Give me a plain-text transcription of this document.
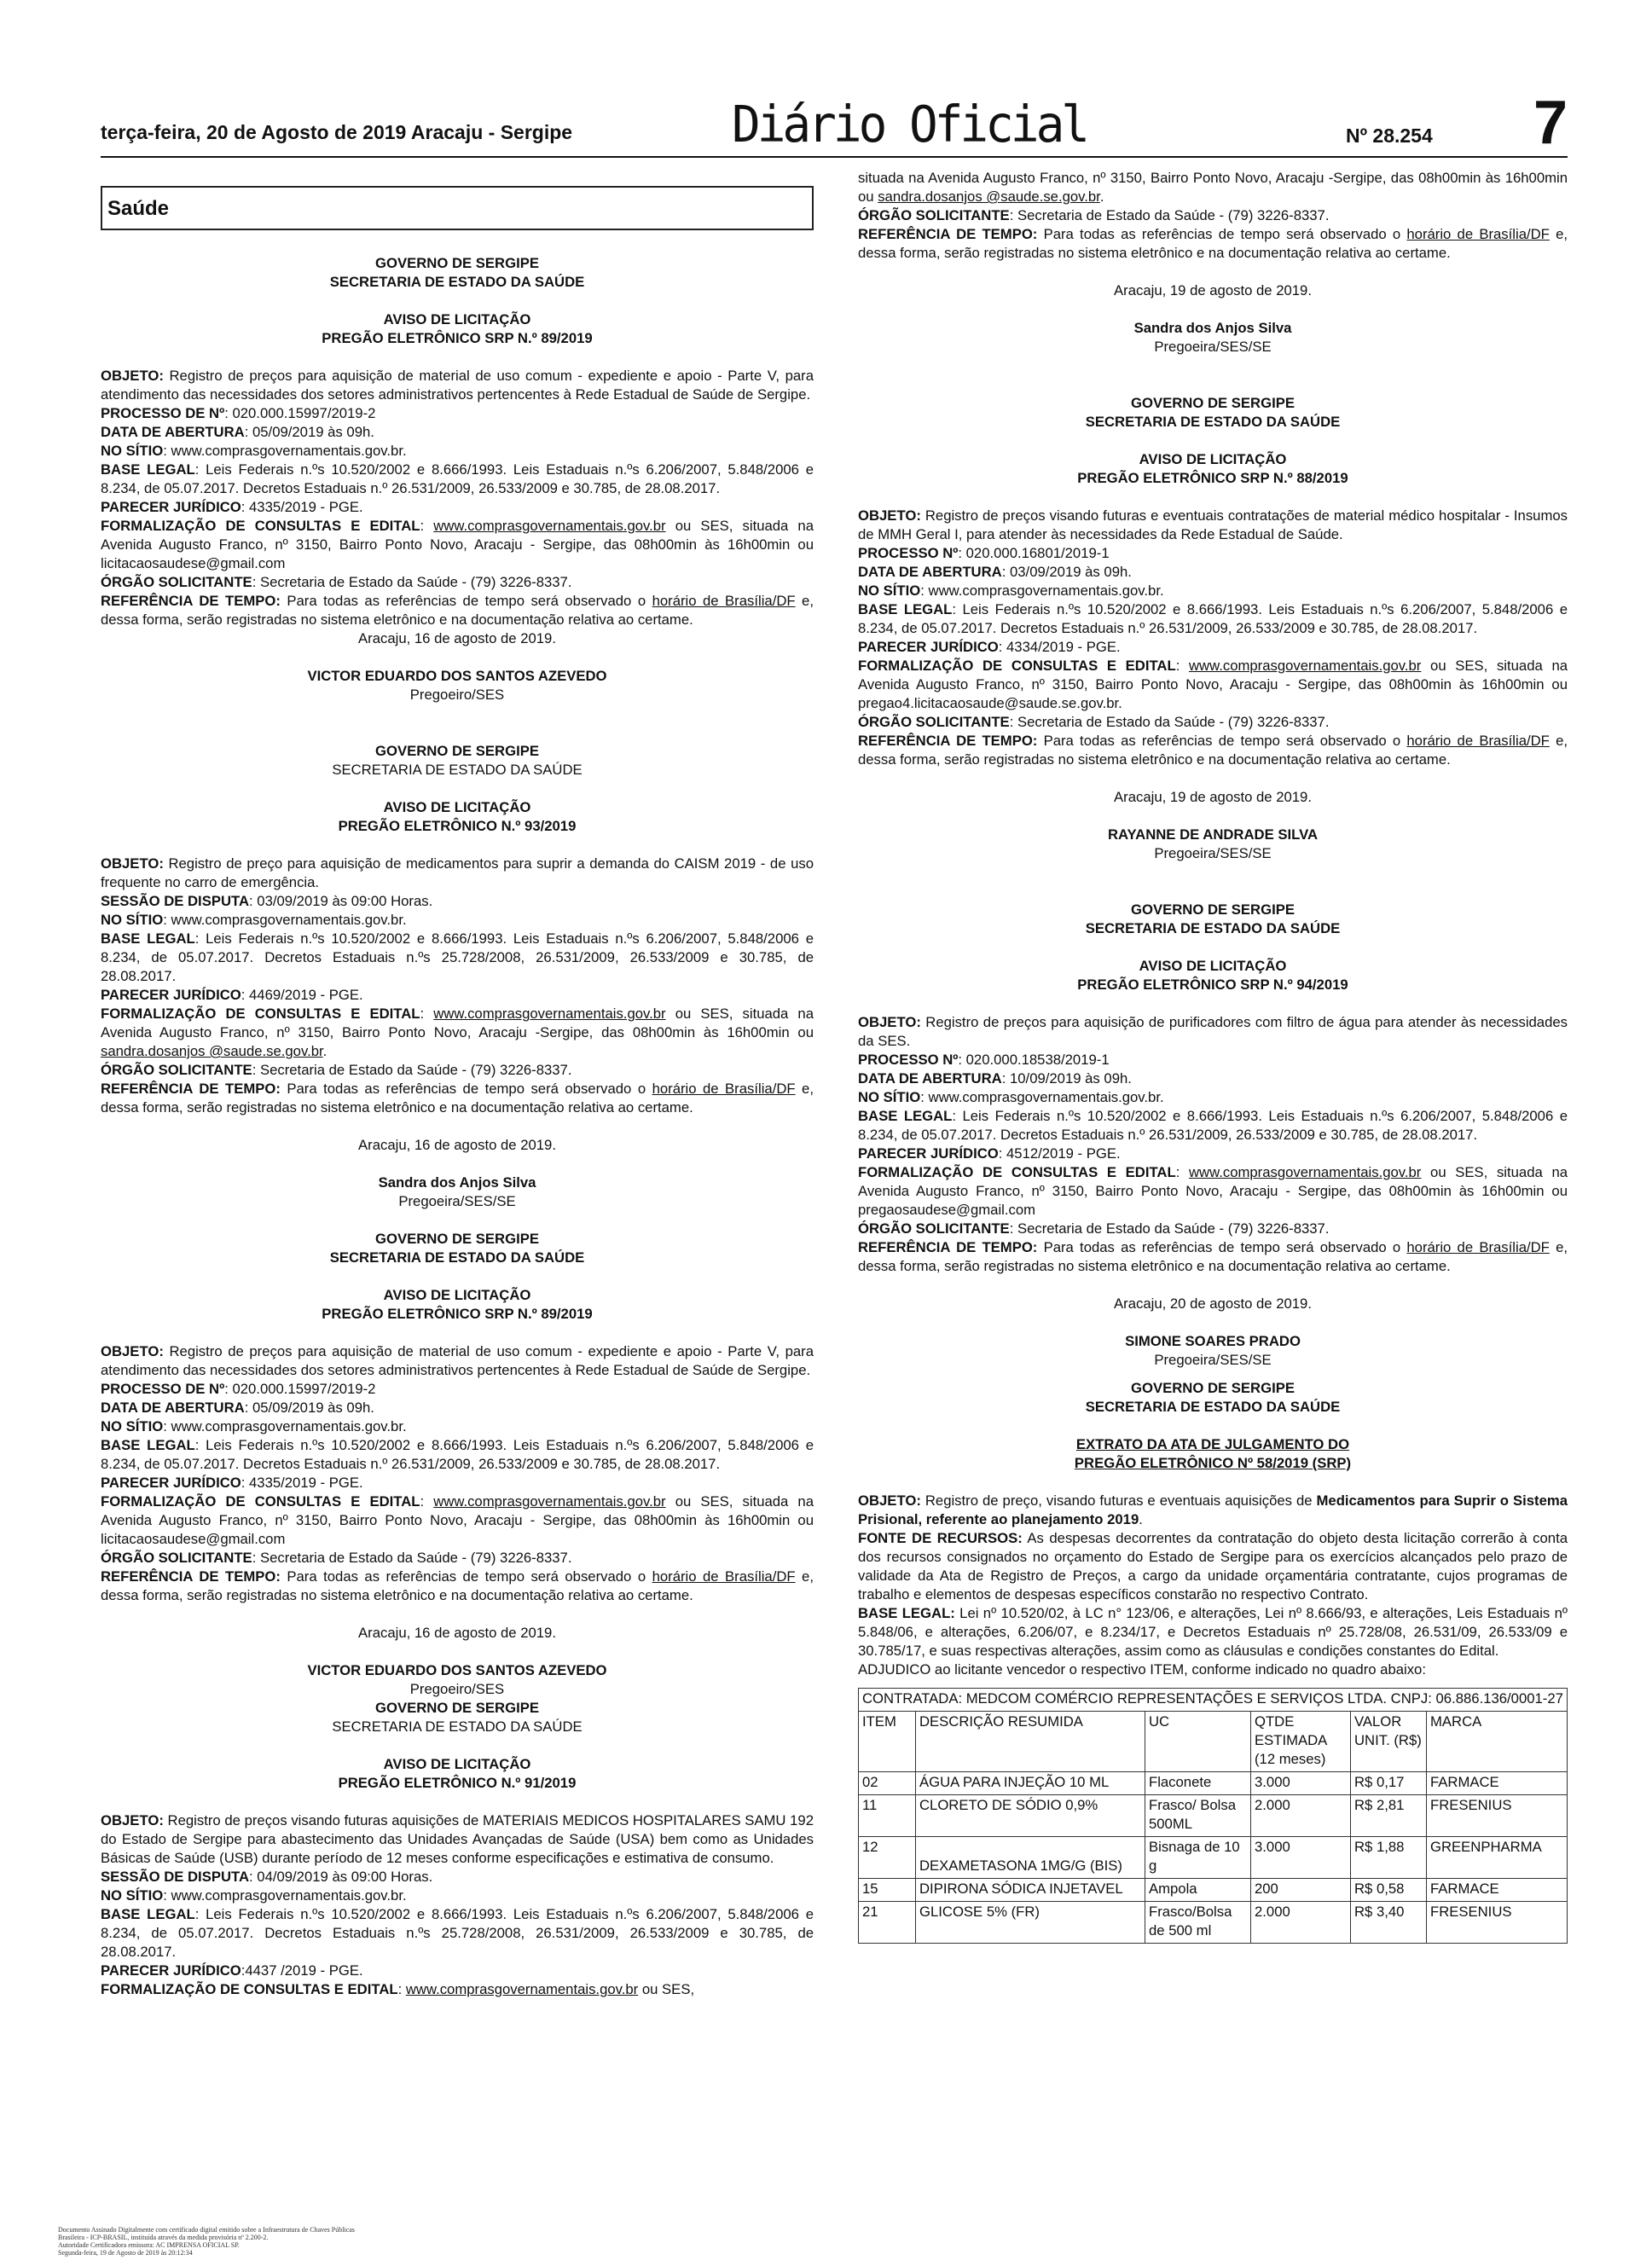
terça-feira, 20 de Agosto de 2019 Aracaju - Sergipe	Diário Oficial	Nº 28.254 7
Saúde
GOVERNO DE SERGIPE
SECRETARIA DE ESTADO DA SAÚDE
AVISO DE LICITAÇÃO
PREGÃO ELETRÔNICO SRP N.º 89/2019

OBJETO: Registro de preços para aquisição de material de uso comum - expediente e apoio - Parte V, para atendimento das necessidades dos setores administrativos pertencentes à Rede Estadual de Saúde de Sergipe.

PROCESSO DE Nº: 020.000.15997/2019-2

DATA DE ABERTURA: 05/09/2019 às 09h.

NO SÍTIO: www.comprasgovernamentais.gov.br.

BASE LEGAL: Leis Federais n.ºs 10.520/2002 e 8.666/1993. Leis Estaduais n.ºs 6.206/2007, 5.848/2006 e 8.234, de 05.07.2017. Decretos Estaduais n.º 26.531/2009, 26.533/2009 e 30.785, de 28.08.2017.

PARECER JURÍDICO: 4335/2019 - PGE.

FORMALIZAÇÃO DE CONSULTAS E EDITAL: www.comprasgovernamentais.gov.br ou SES, situada na Avenida Augusto Franco, nº 3150, Bairro Ponto Novo, Aracaju - Sergipe, das 08h00min às 16h00min ou licitacaosaudese@gmail.com

ÓRGÃO SOLICITANTE: Secretaria de Estado da Saúde - (79) 3226-8337.

REFERÊNCIA DE TEMPO: Para todas as referências de tempo será observado o horário de Brasília/DF e, dessa forma, serão registradas no sistema eletrônico e na documentação relativa ao certame.

Aracaju, 16 de agosto de 2019.
VICTOR EDUARDO DOS SANTOS AZEVEDO
Pregoeiro/SES
GOVERNO DE SERGIPE
SECRETARIA DE ESTADO DA SAÚDE
AVISO DE LICITAÇÃO
PREGÃO ELETRÔNICO N.º 93/2019

OBJETO: Registro de preço para aquisição de medicamentos para suprir a demanda do CAISM 2019 - de uso frequente no carro de emergência.

SESSÃO DE DISPUTA: 03/09/2019 às 09:00 Horas.

NO SÍTIO: www.comprasgovernamentais.gov.br.

BASE LEGAL: Leis Federais n.ºs 10.520/2002 e 8.666/1993. Leis Estaduais n.ºs 6.206/2007, 5.848/2006 e 8.234, de 05.07.2017. Decretos Estaduais n.ºs 25.728/2008, 26.531/2009, 26.533/2009 e 30.785, de 28.08.2017.

PARECER JURÍDICO: 4469/2019 - PGE.

FORMALIZAÇÃO DE CONSULTAS E EDITAL: www.comprasgovernamentais.gov.br ou SES, situada na Avenida Augusto Franco, nº 3150, Bairro Ponto Novo, Aracaju -Sergipe, das 08h00min às 16h00min ou sandra.dosanjos @saude.se.gov.br.

ÓRGÃO SOLICITANTE: Secretaria de Estado da Saúde - (79) 3226-8337.

REFERÊNCIA DE TEMPO: Para todas as referências de tempo será observado o horário de Brasília/DF e, dessa forma, serão registradas no sistema eletrônico e na documentação relativa ao certame.

Aracaju, 16 de agosto de 2019.
Sandra dos Anjos Silva
Pregoeira/SES/SE
GOVERNO DE SERGIPE
SECRETARIA DE ESTADO DA SAÚDE
AVISO DE LICITAÇÃO
PREGÃO ELETRÔNICO SRP N.º 89/2019

OBJETO: Registro de preços para aquisição de material de uso comum - expediente e apoio - Parte V, para atendimento das necessidades dos setores administrativos pertencentes à Rede Estadual de Saúde de Sergipe.

PROCESSO DE Nº: 020.000.15997/2019-2

DATA DE ABERTURA: 05/09/2019 às 09h.

NO SÍTIO: www.comprasgovernamentais.gov.br.

BASE LEGAL: Leis Federais n.ºs 10.520/2002 e 8.666/1993. Leis Estaduais n.ºs 6.206/2007, 5.848/2006 e 8.234, de 05.07.2017. Decretos Estaduais n.º 26.531/2009, 26.533/2009 e 30.785, de 28.08.2017.

PARECER JURÍDICO: 4335/2019 - PGE.

FORMALIZAÇÃO DE CONSULTAS E EDITAL: www.comprasgovernamentais.gov.br ou SES, situada na Avenida Augusto Franco, nº 3150, Bairro Ponto Novo, Aracaju - Sergipe, das 08h00min às 16h00min ou licitacaosaudese@gmail.com

ÓRGÃO SOLICITANTE: Secretaria de Estado da Saúde - (79) 3226-8337.

REFERÊNCIA DE TEMPO: Para todas as referências de tempo será observado o horário de Brasília/DF e, dessa forma, serão registradas no sistema eletrônico e na documentação relativa ao certame.

Aracaju, 16 de agosto de 2019.
VICTOR EDUARDO DOS SANTOS AZEVEDO
Pregoeiro/SES
GOVERNO DE SERGIPE
SECRETARIA DE ESTADO DA SAÚDE
AVISO DE LICITAÇÃO
PREGÃO ELETRÔNICO N.º 91/2019

OBJETO: Registro de preços visando futuras aquisições de MATERIAIS MEDICOS HOSPITALARES SAMU 192 do Estado de Sergipe para abastecimento das Unidades Avançadas de Saúde (USA) bem como as Unidades Básicas de Saúde (USB) durante período de 12 meses conforme especificações e estimativa de consumo.

SESSÃO DE DISPUTA: 04/09/2019 às 09:00 Horas.

NO SÍTIO: www.comprasgovernamentais.gov.br.

BASE LEGAL: Leis Federais n.ºs 10.520/2002 e 8.666/1993. Leis Estaduais n.ºs 6.206/2007, 5.848/2006 e 8.234, de 05.07.2017. Decretos Estaduais n.ºs 25.728/2008, 26.531/2009, 26.533/2009 e 30.785, de 28.08.2017.

PARECER JURÍDICO:4437 /2019 - PGE.

FORMALIZAÇÃO DE CONSULTAS E EDITAL: www.comprasgovernamentais.gov.br ou SES,

situada na Avenida Augusto Franco, nº 3150, Bairro Ponto Novo, Aracaju -Sergipe, das 08h00min às 16h00min ou sandra.dosanjos @saude.se.gov.br.

ÓRGÃO SOLICITANTE: Secretaria de Estado da Saúde - (79) 3226-8337.

REFERÊNCIA DE TEMPO: Para todas as referências de tempo será observado o horário de Brasília/DF e, dessa forma, serão registradas no sistema eletrônico e na documentação relativa ao certame.

Aracaju, 19 de agosto de 2019.
Sandra dos Anjos Silva
Pregoeira/SES/SE
GOVERNO DE SERGIPE
SECRETARIA DE ESTADO DA SAÚDE
AVISO DE LICITAÇÃO
PREGÃO ELETRÔNICO SRP N.º 88/2019

OBJETO: Registro de preços visando futuras e eventuais contratações de material médico hospitalar - Insumos de MMH Geral I, para atender às necessidades da Rede Estadual de Saúde.

PROCESSO Nº: 020.000.16801/2019-1

DATA DE ABERTURA: 03/09/2019 às 09h.

NO SÍTIO: www.comprasgovernamentais.gov.br.

BASE LEGAL: Leis Federais n.ºs 10.520/2002 e 8.666/1993. Leis Estaduais n.ºs 6.206/2007, 5.848/2006 e 8.234, de 05.07.2017. Decretos Estaduais n.º 26.531/2009, 26.533/2009 e 30.785, de 28.08.2017.

PARECER JURÍDICO: 4334/2019 - PGE.

FORMALIZAÇÃO DE CONSULTAS E EDITAL: www.comprasgovernamentais.gov.br ou SES, situada na Avenida Augusto Franco, nº 3150, Bairro Ponto Novo, Aracaju - Sergipe, das 08h00min às 16h00min ou pregao4.licitacaosaude@saude.se.gov.br.

ÓRGÃO SOLICITANTE: Secretaria de Estado da Saúde - (79) 3226-8337.

REFERÊNCIA DE TEMPO: Para todas as referências de tempo será observado o horário de Brasília/DF e, dessa forma, serão registradas no sistema eletrônico e na documentação relativa ao certame.

Aracaju, 19 de agosto de 2019.
RAYANNE DE ANDRADE SILVA
Pregoeira/SES/SE
GOVERNO DE SERGIPE
SECRETARIA DE ESTADO DA SAÚDE
AVISO DE LICITAÇÃO
PREGÃO ELETRÔNICO SRP N.º 94/2019

OBJETO: Registro de preços para aquisição de purificadores com filtro de água para atender às necessidades da SES.

PROCESSO Nº: 020.000.18538/2019-1

DATA DE ABERTURA: 10/09/2019 às 09h.

NO SÍTIO: www.comprasgovernamentais.gov.br.

BASE LEGAL: Leis Federais n.ºs 10.520/2002 e 8.666/1993. Leis Estaduais n.ºs 6.206/2007, 5.848/2006 e 8.234, de 05.07.2017. Decretos Estaduais n.º 26.531/2009, 26.533/2009 e 30.785, de 28.08.2017.

PARECER JURÍDICO: 4512/2019 - PGE.

FORMALIZAÇÃO DE CONSULTAS E EDITAL: www.comprasgovernamentais.gov.br ou SES, situada na Avenida Augusto Franco, nº 3150, Bairro Ponto Novo, Aracaju - Sergipe, das 08h00min às 16h00min ou pregaosaudese@gmail.com

ÓRGÃO SOLICITANTE: Secretaria de Estado da Saúde - (79) 3226-8337.

REFERÊNCIA DE TEMPO: Para todas as referências de tempo será observado o horário de Brasília/DF e, dessa forma, serão registradas no sistema eletrônico e na documentação relativa ao certame.

Aracaju, 20 de agosto de 2019.
SIMONE SOARES PRADO
Pregoeira/SES/SE
GOVERNO DE SERGIPE
SECRETARIA DE ESTADO DA SAÚDE
EXTRATO DA ATA DE JULGAMENTO DO
PREGÃO ELETRÔNICO Nº 58/2019 (SRP)

OBJETO: Registro de preço, visando futuras e eventuais aquisições de Medicamentos para Suprir o Sistema Prisional, referente ao planejamento 2019.

FONTE DE RECURSOS: As despesas decorrentes da contratação do objeto desta licitação correrão à conta dos recursos consignados no orçamento do Estado de Sergipe para os exercícios alcançados pelo prazo de validade da Ata de Registro de Preços, a cargo da unidade orçamentária contratante, cujos programas de trabalho e elementos de despesas específicos constarão no respectivo Contrato.

BASE LEGAL: Lei nº 10.520/02, à LC n° 123/06, e alterações, Lei nº 8.666/93, e alterações, Leis Estaduais nº 5.848/06, e alterações, 6.206/07, e 8.234/17, e Decretos Estaduais nº 25.728/08, 26.531/09, 26.533/09 e 30.785/17, e suas respectivas alterações, assim como as cláusulas e condições constantes do Edital.

ADJUDICO ao licitante vencedor o respectivo ITEM, conforme indicado no quadro abaixo:

CONTRATADA: MEDCOM COMÉRCIO REPRESENTAÇÕES E SERVIÇOS LTDA. CNPJ: 06.886.136/0001-27					
ITEM	DESCRIÇÃO RESUMIDA	UC	QTDE ESTIMADA (12 meses)	VALOR UNIT. (R$)	MARCA
02	ÁGUA PARA INJEÇÃO 10 ML	Flaconete	3.000	R$ 0,17	FARMACE
11	CLORETO DE SÓDIO 0,9%	Frasco/ Bolsa 500ML	2.000	R$ 2,81	FRESENIUS
12	DEXAMETASONA 1MG/G (BIS)	Bisnaga de 10 g	3.000	R$ 1,88	GREENPHARMA
15	DIPIRONA SÓDICA INJETAVEL	Ampola	200	R$ 0,58	FARMACE
21	GLICOSE 5% (FR)	Frasco/Bolsa de 500 ml	2.000	R$ 3,40	FRESENIUS
Documento Assinado Digitalmente com certificado digital emitido sobre a Infraestrutura de Chaves Públicas
Brasileira - ICP-BRASIL, instituída através da medida provisória nº 2.200-2.
Autoridade Certificadora emissora: AC IMPRENSA OFICIAL SP.
Segunda-feira, 19 de Agosto de 2019 às 20:12:34
